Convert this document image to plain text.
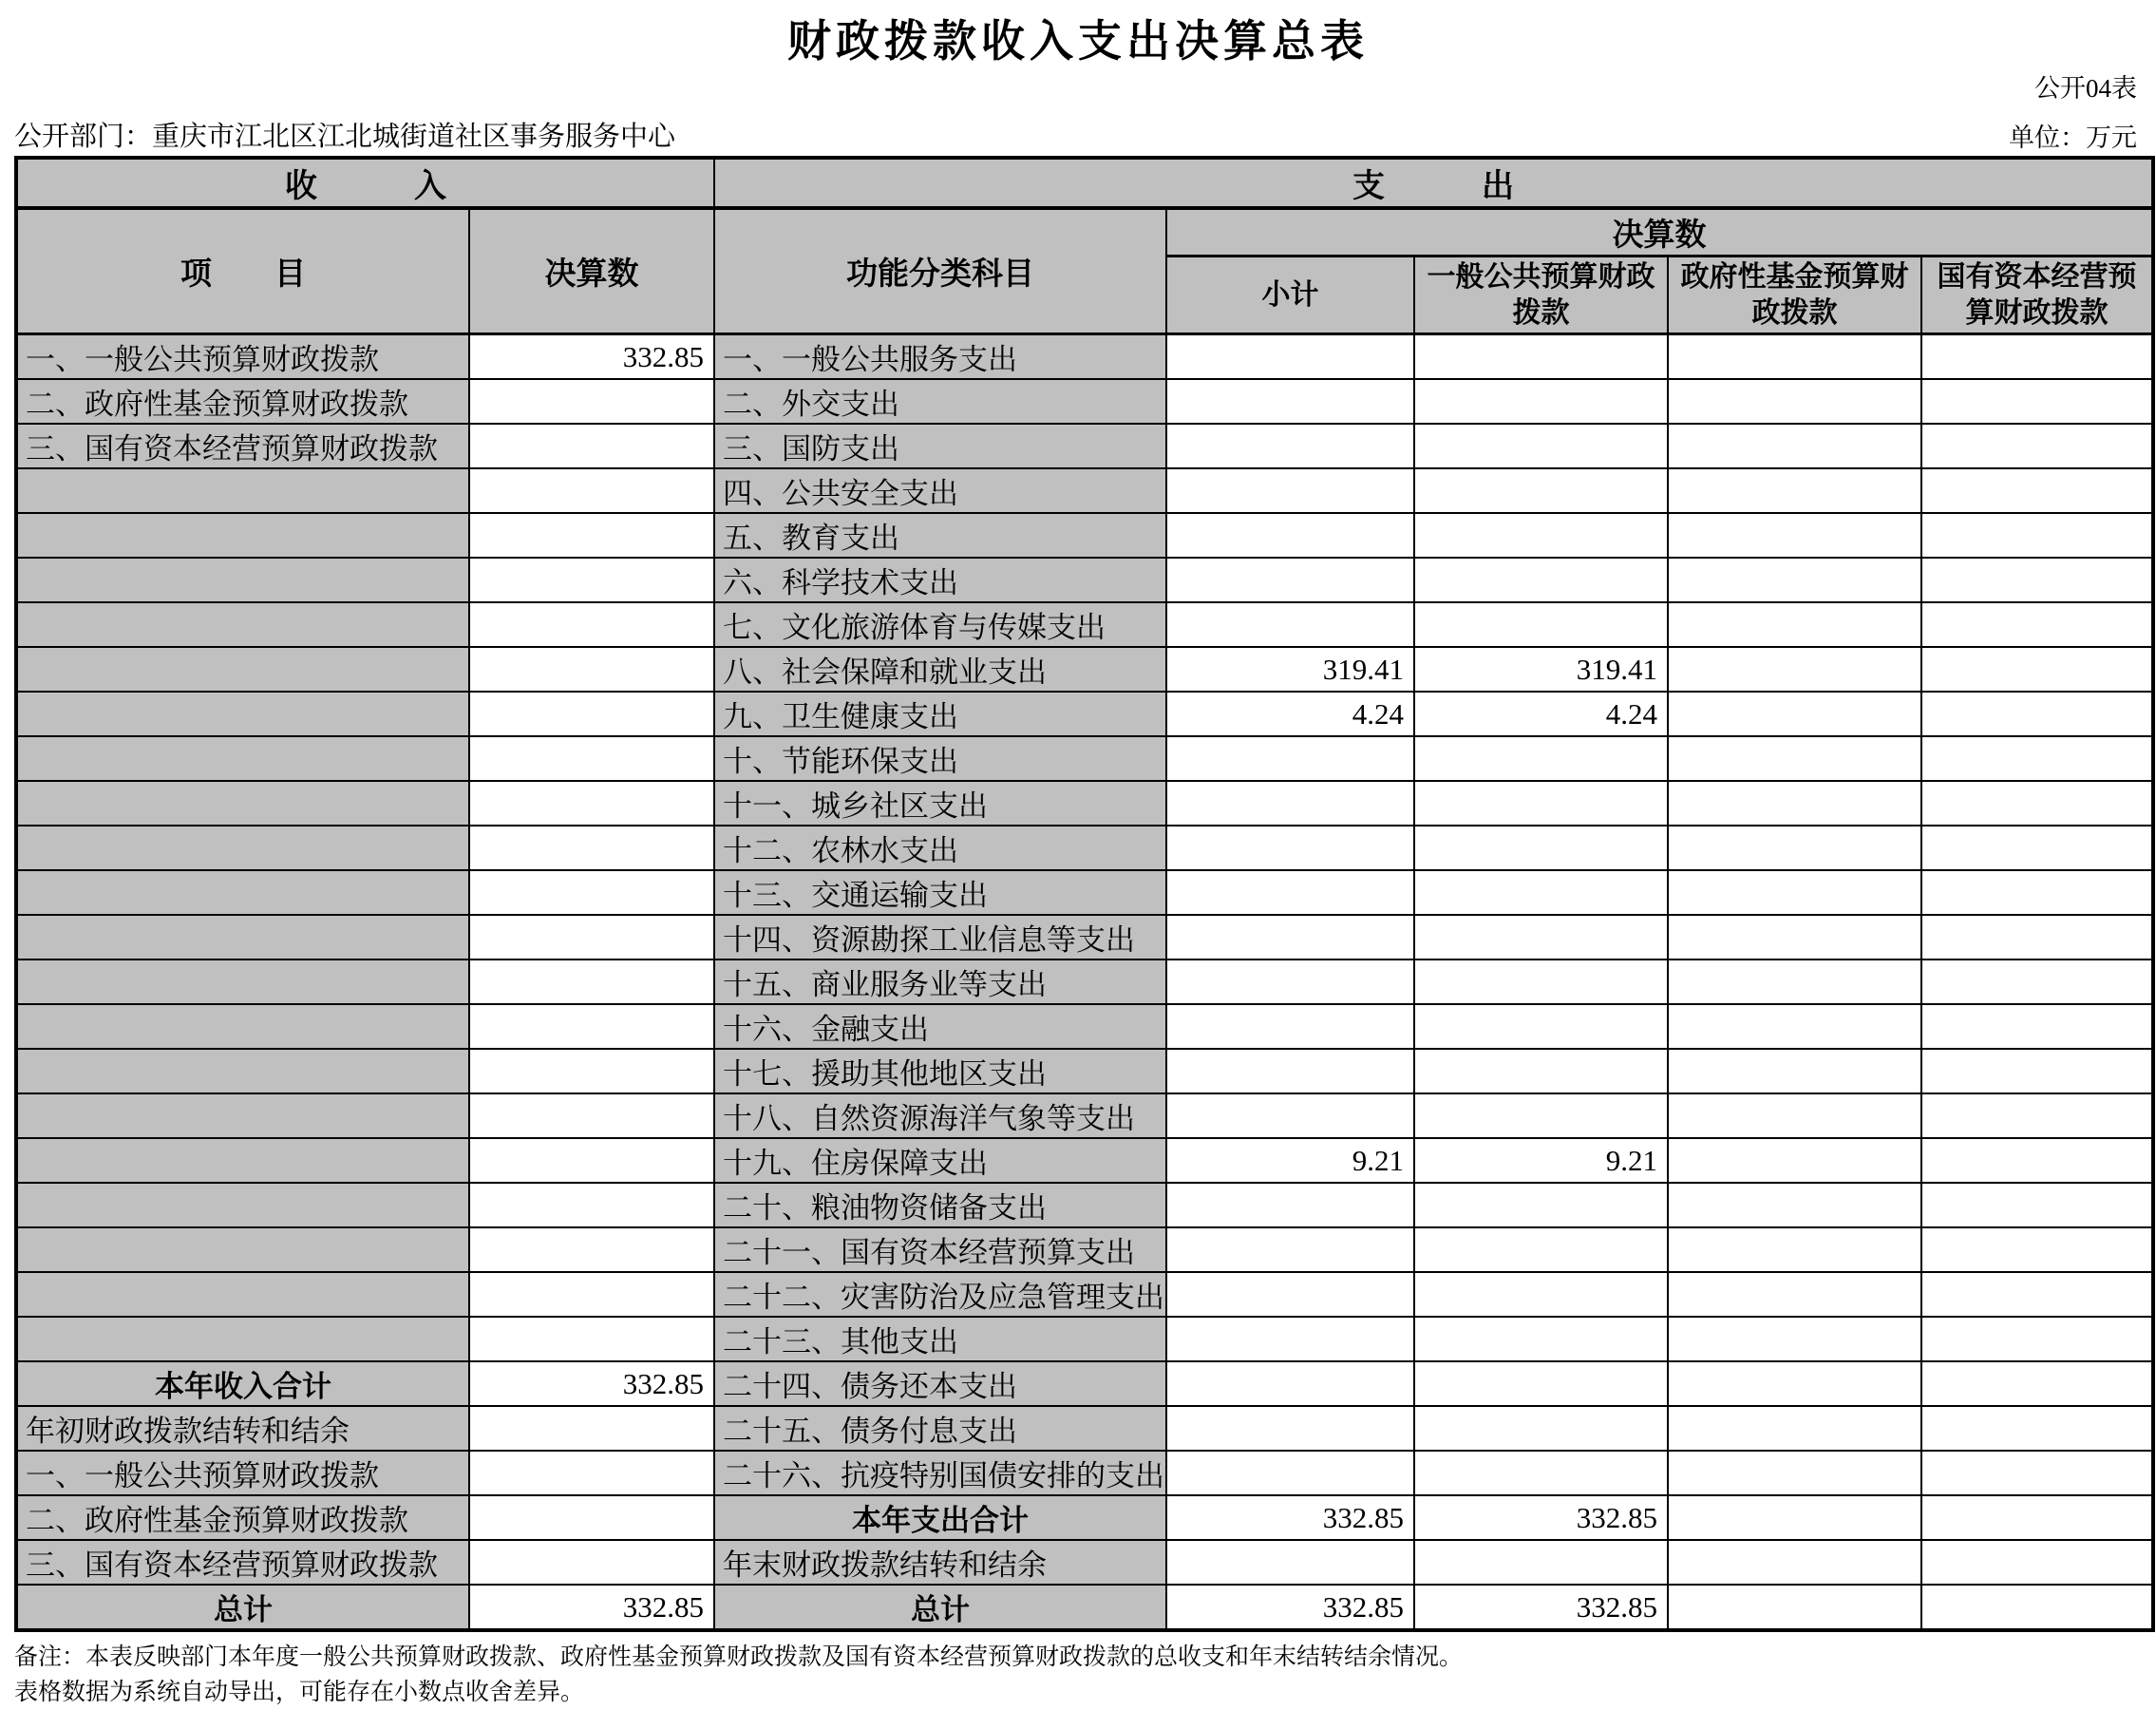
财政拨款收入支出决算总表
公开04表
公开部门：重庆市江北区江北城街道社区事务服务中心	单位：万元
收　　　入		支　　　出				
项　　目	决算数	功能分类科目	决算数			
			小计	一般公共预算财政拨款	政府性基金预算财政拨款	国有资本经营预算财政拨款
一、一般公共预算财政拨款	332.85	一、一般公共服务支出				
二、政府性基金预算财政拨款		二、外交支出				
三、国有资本经营预算财政拨款		三、国防支出				
		四、公共安全支出				
		五、教育支出				
		六、科学技术支出				
		七、文化旅游体育与传媒支出				
		八、社会保障和就业支出	319.41	319.41		
		九、卫生健康支出	4.24	4.24		
		十、节能环保支出				
		十一、城乡社区支出				
		十二、农林水支出				
		十三、交通运输支出				
		十四、资源勘探工业信息等支出				
		十五、商业服务业等支出				
		十六、金融支出				
		十七、援助其他地区支出				
		十八、自然资源海洋气象等支出				
		十九、住房保障支出	9.21	9.21		
		二十、粮油物资储备支出				
		二十一、国有资本经营预算支出				
		二十二、灾害防治及应急管理支出				
		二十三、其他支出				
本年收入合计	332.85	二十四、债务还本支出				
年初财政拨款结转和结余		二十五、债务付息支出				
一、一般公共预算财政拨款		二十六、抗疫特别国债安排的支出				
二、政府性基金预算财政拨款		本年支出合计	332.85	332.85		
三、国有资本经营预算财政拨款		年末财政拨款结转和结余				
总计	332.85	总计	332.85	332.85		
备注：本表反映部门本年度一般公共预算财政拨款、政府性基金预算财政拨款及国有资本经营预算财政拨款的总收支和年末结转结余情况。
表格数据为系统自动导出，可能存在小数点收舍差异。
